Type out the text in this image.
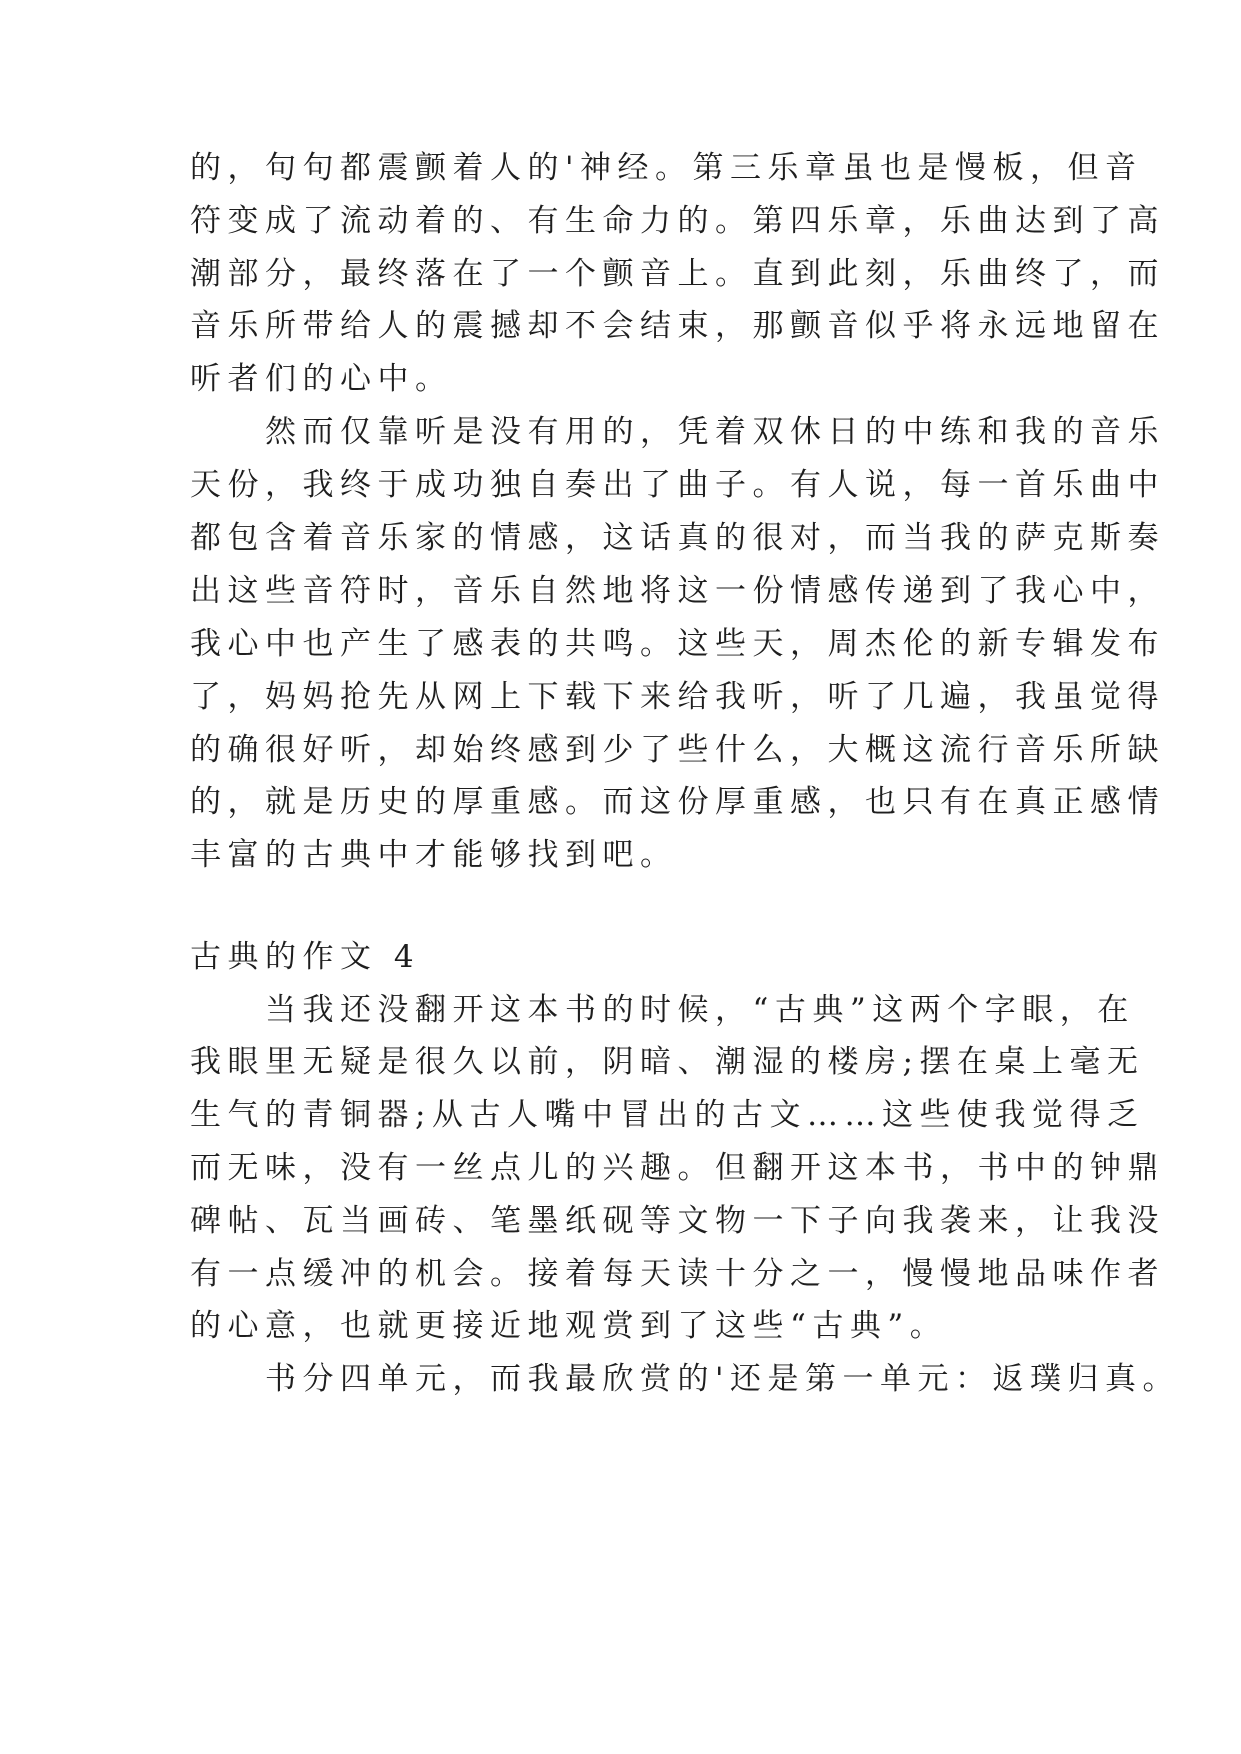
的，句句都震颤着人的'神经。第三乐章虽也是慢板，但音
符变成了流动着的、有生命力的。第四乐章，乐曲达到了高
潮部分，最终落在了一个颤音上。直到此刻，乐曲终了，而
音乐所带给人的震撼却不会结束，那颤音似乎将永远地留在
听者们的心中。
　　然而仅靠听是没有用的，凭着双休日的中练和我的音乐
天份，我终于成功独自奏出了曲子。有人说，每一首乐曲中
都包含着音乐家的情感，这话真的很对，而当我的萨克斯奏
出这些音符时，音乐自然地将这一份情感传递到了我心中，
我心中也产生了感表的共鸣。这些天，周杰伦的新专辑发布
了，妈妈抢先从网上下载下来给我听，听了几遍，我虽觉得
的确很好听，却始终感到少了些什么，大概这流行音乐所缺
的，就是历史的厚重感。而这份厚重感，也只有在真正感情
丰富的古典中才能够找到吧。
古典的作文 4
　　当我还没翻开这本书的时候，“古典”这两个字眼，在
我眼里无疑是很久以前，阴暗、潮湿的楼房;摆在桌上毫无
生气的青铜器;从古人嘴中冒出的古文……这些使我觉得乏
而无味，没有一丝点儿的兴趣。但翻开这本书，书中的钟鼎
碑帖、瓦当画砖、笔墨纸砚等文物一下子向我袭来，让我没
有一点缓冲的机会。接着每天读十分之一，慢慢地品味作者
的心意，也就更接近地观赏到了这些“古典”。
　　书分四单元，而我最欣赏的'还是第一单元：返璞归真。
